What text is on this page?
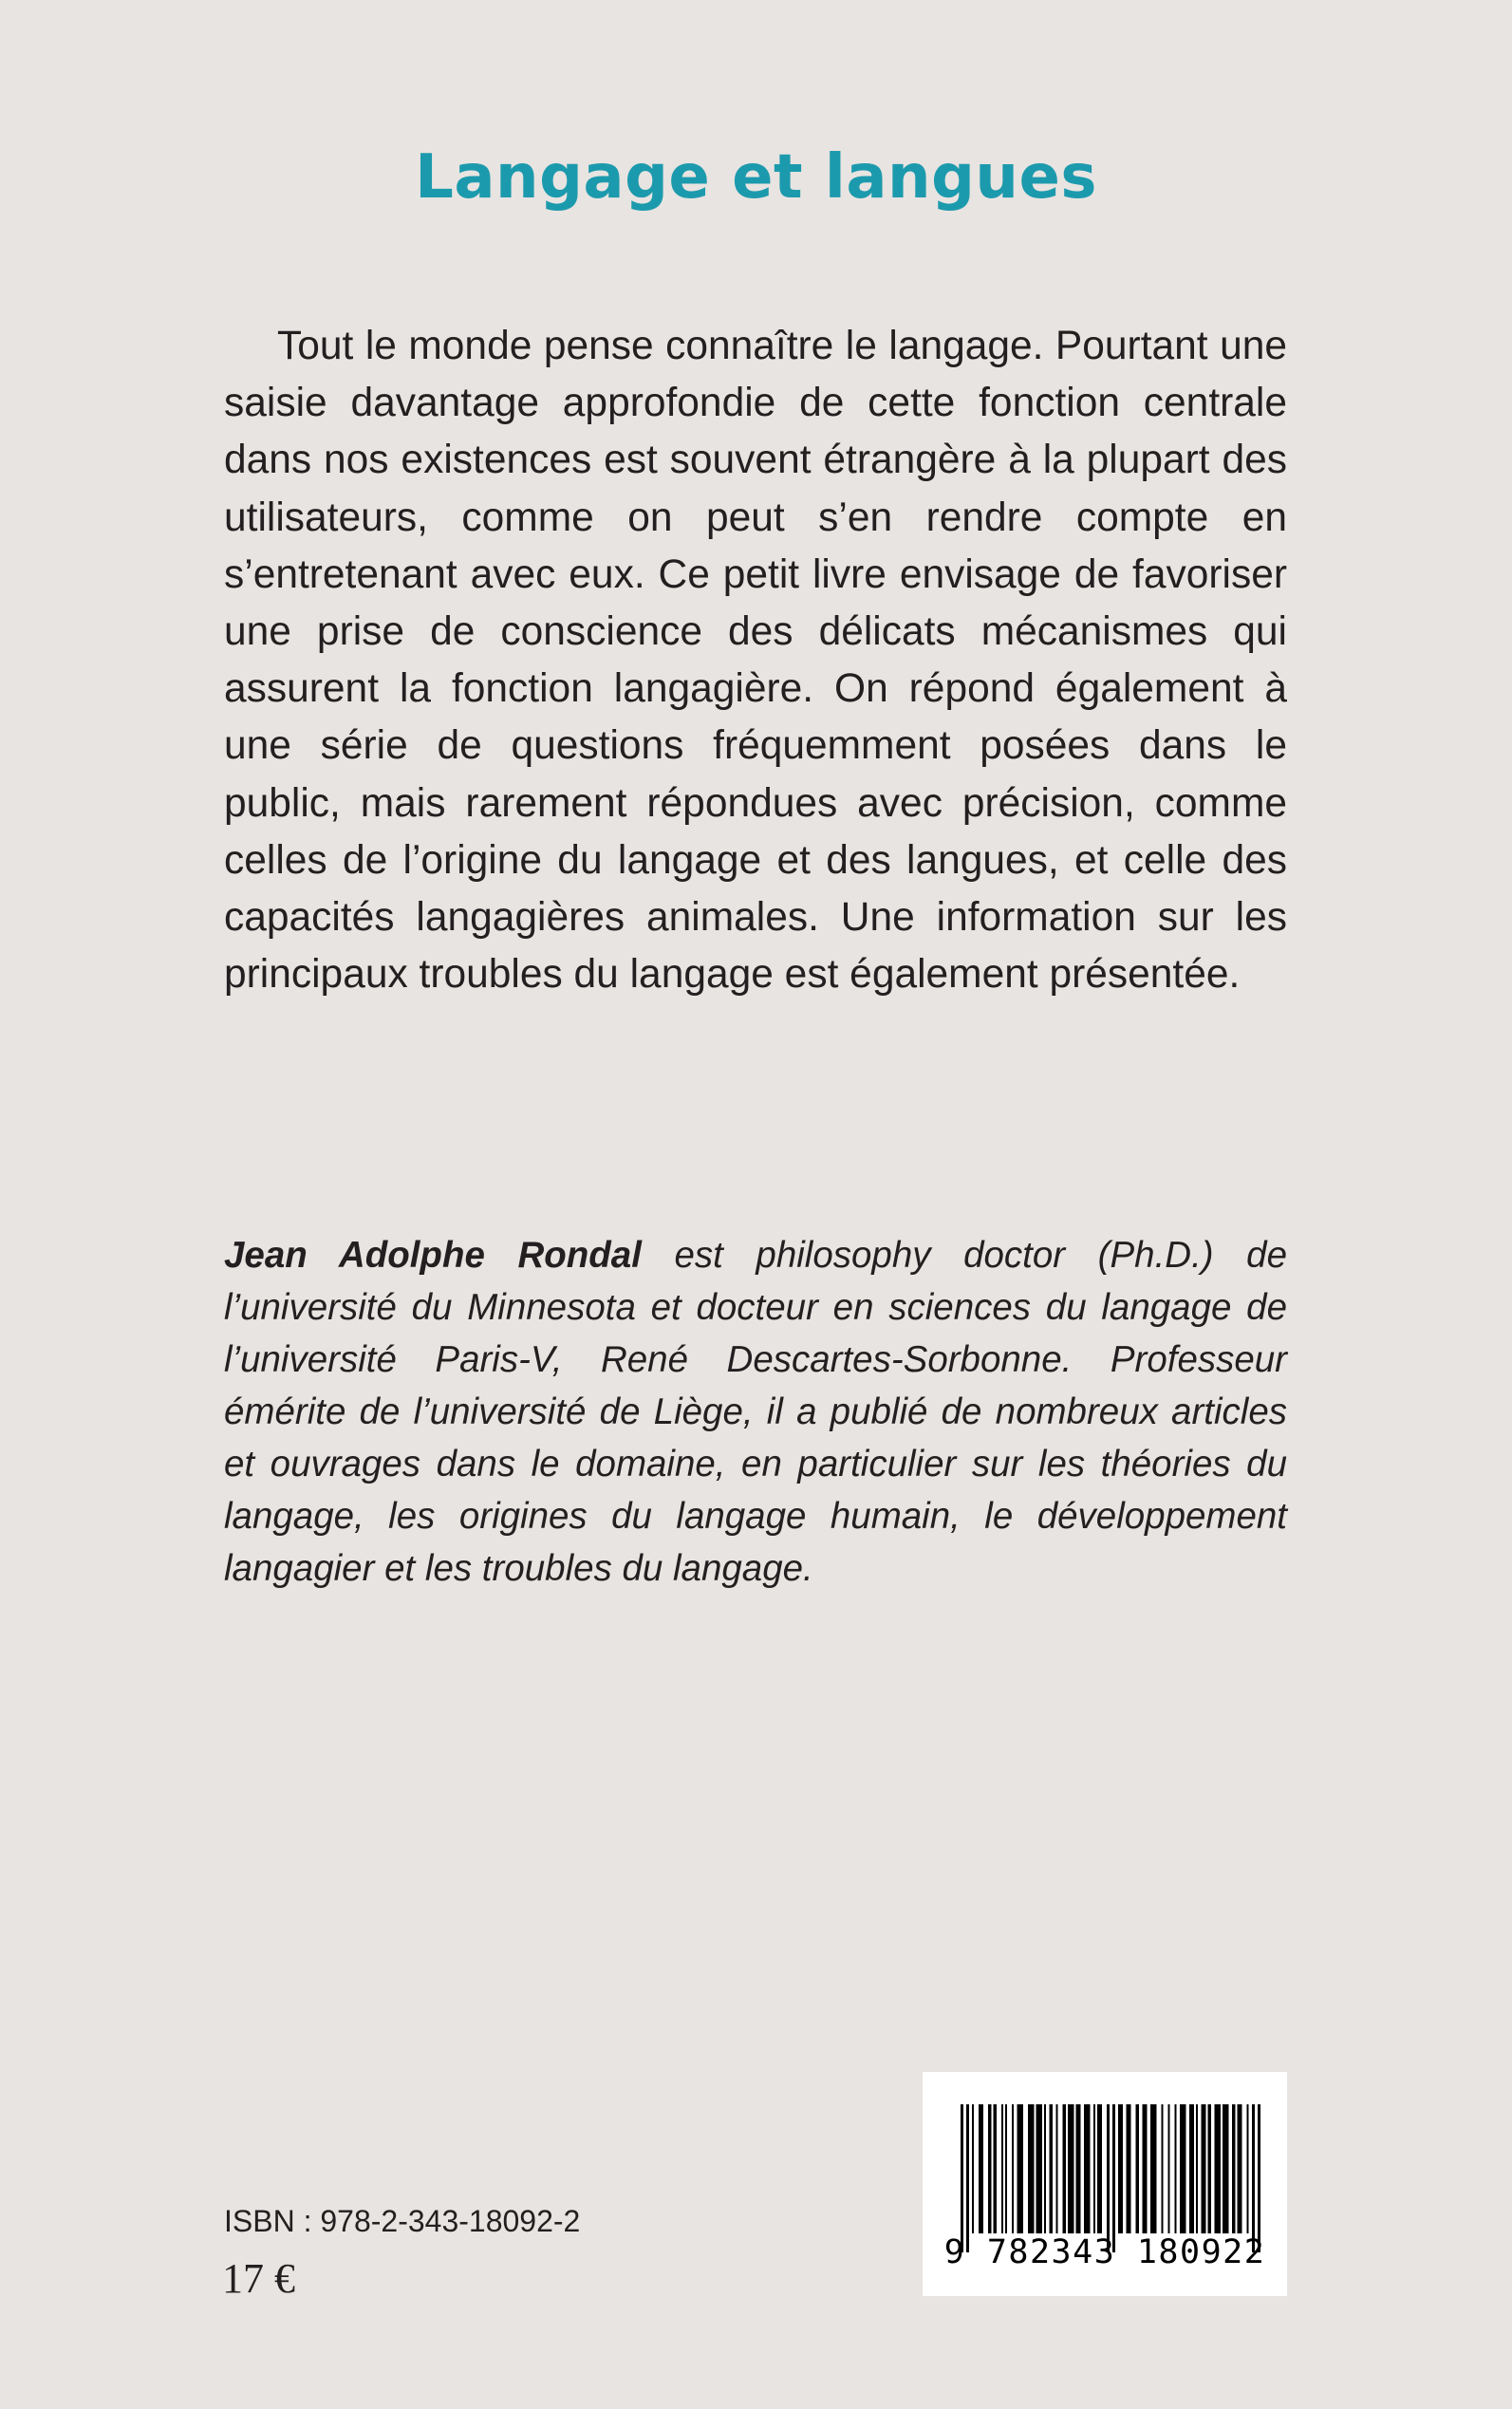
Langage et langues

Tout le monde pense connaître le langage. Pourtant une saisie davantage approfondie de cette fonction centrale dans nos existences est souvent étrangère à la plupart des utilisateurs, comme on peut s’en rendre compte en s’entretenant avec eux. Ce petit livre envisage de favoriser une prise de conscience des délicats mécanismes qui assurent la fonction langagière. On répond également à une série de questions fréquemment posées dans le public, mais rarement répondues avec précision, comme celles de l’origine du langage et des langues, et celle des capacités langagières animales. Une information sur les principaux troubles du langage est également présentée.

Jean Adolphe Rondal est philosophy doctor (Ph.D.) de l’université du Minnesota et docteur en sciences du langage de l’université Paris-V, René Descartes-Sorbonne. Professeur émérite de l’université de Liège, il a publié de nombreux articles et ouvrages dans le domaine, en particulier sur les théories du langage, les origines du langage humain, le développement langagier et les troubles du langage.

ISBN : 978-2-343-18092-2

17 €

9 782343 180922
